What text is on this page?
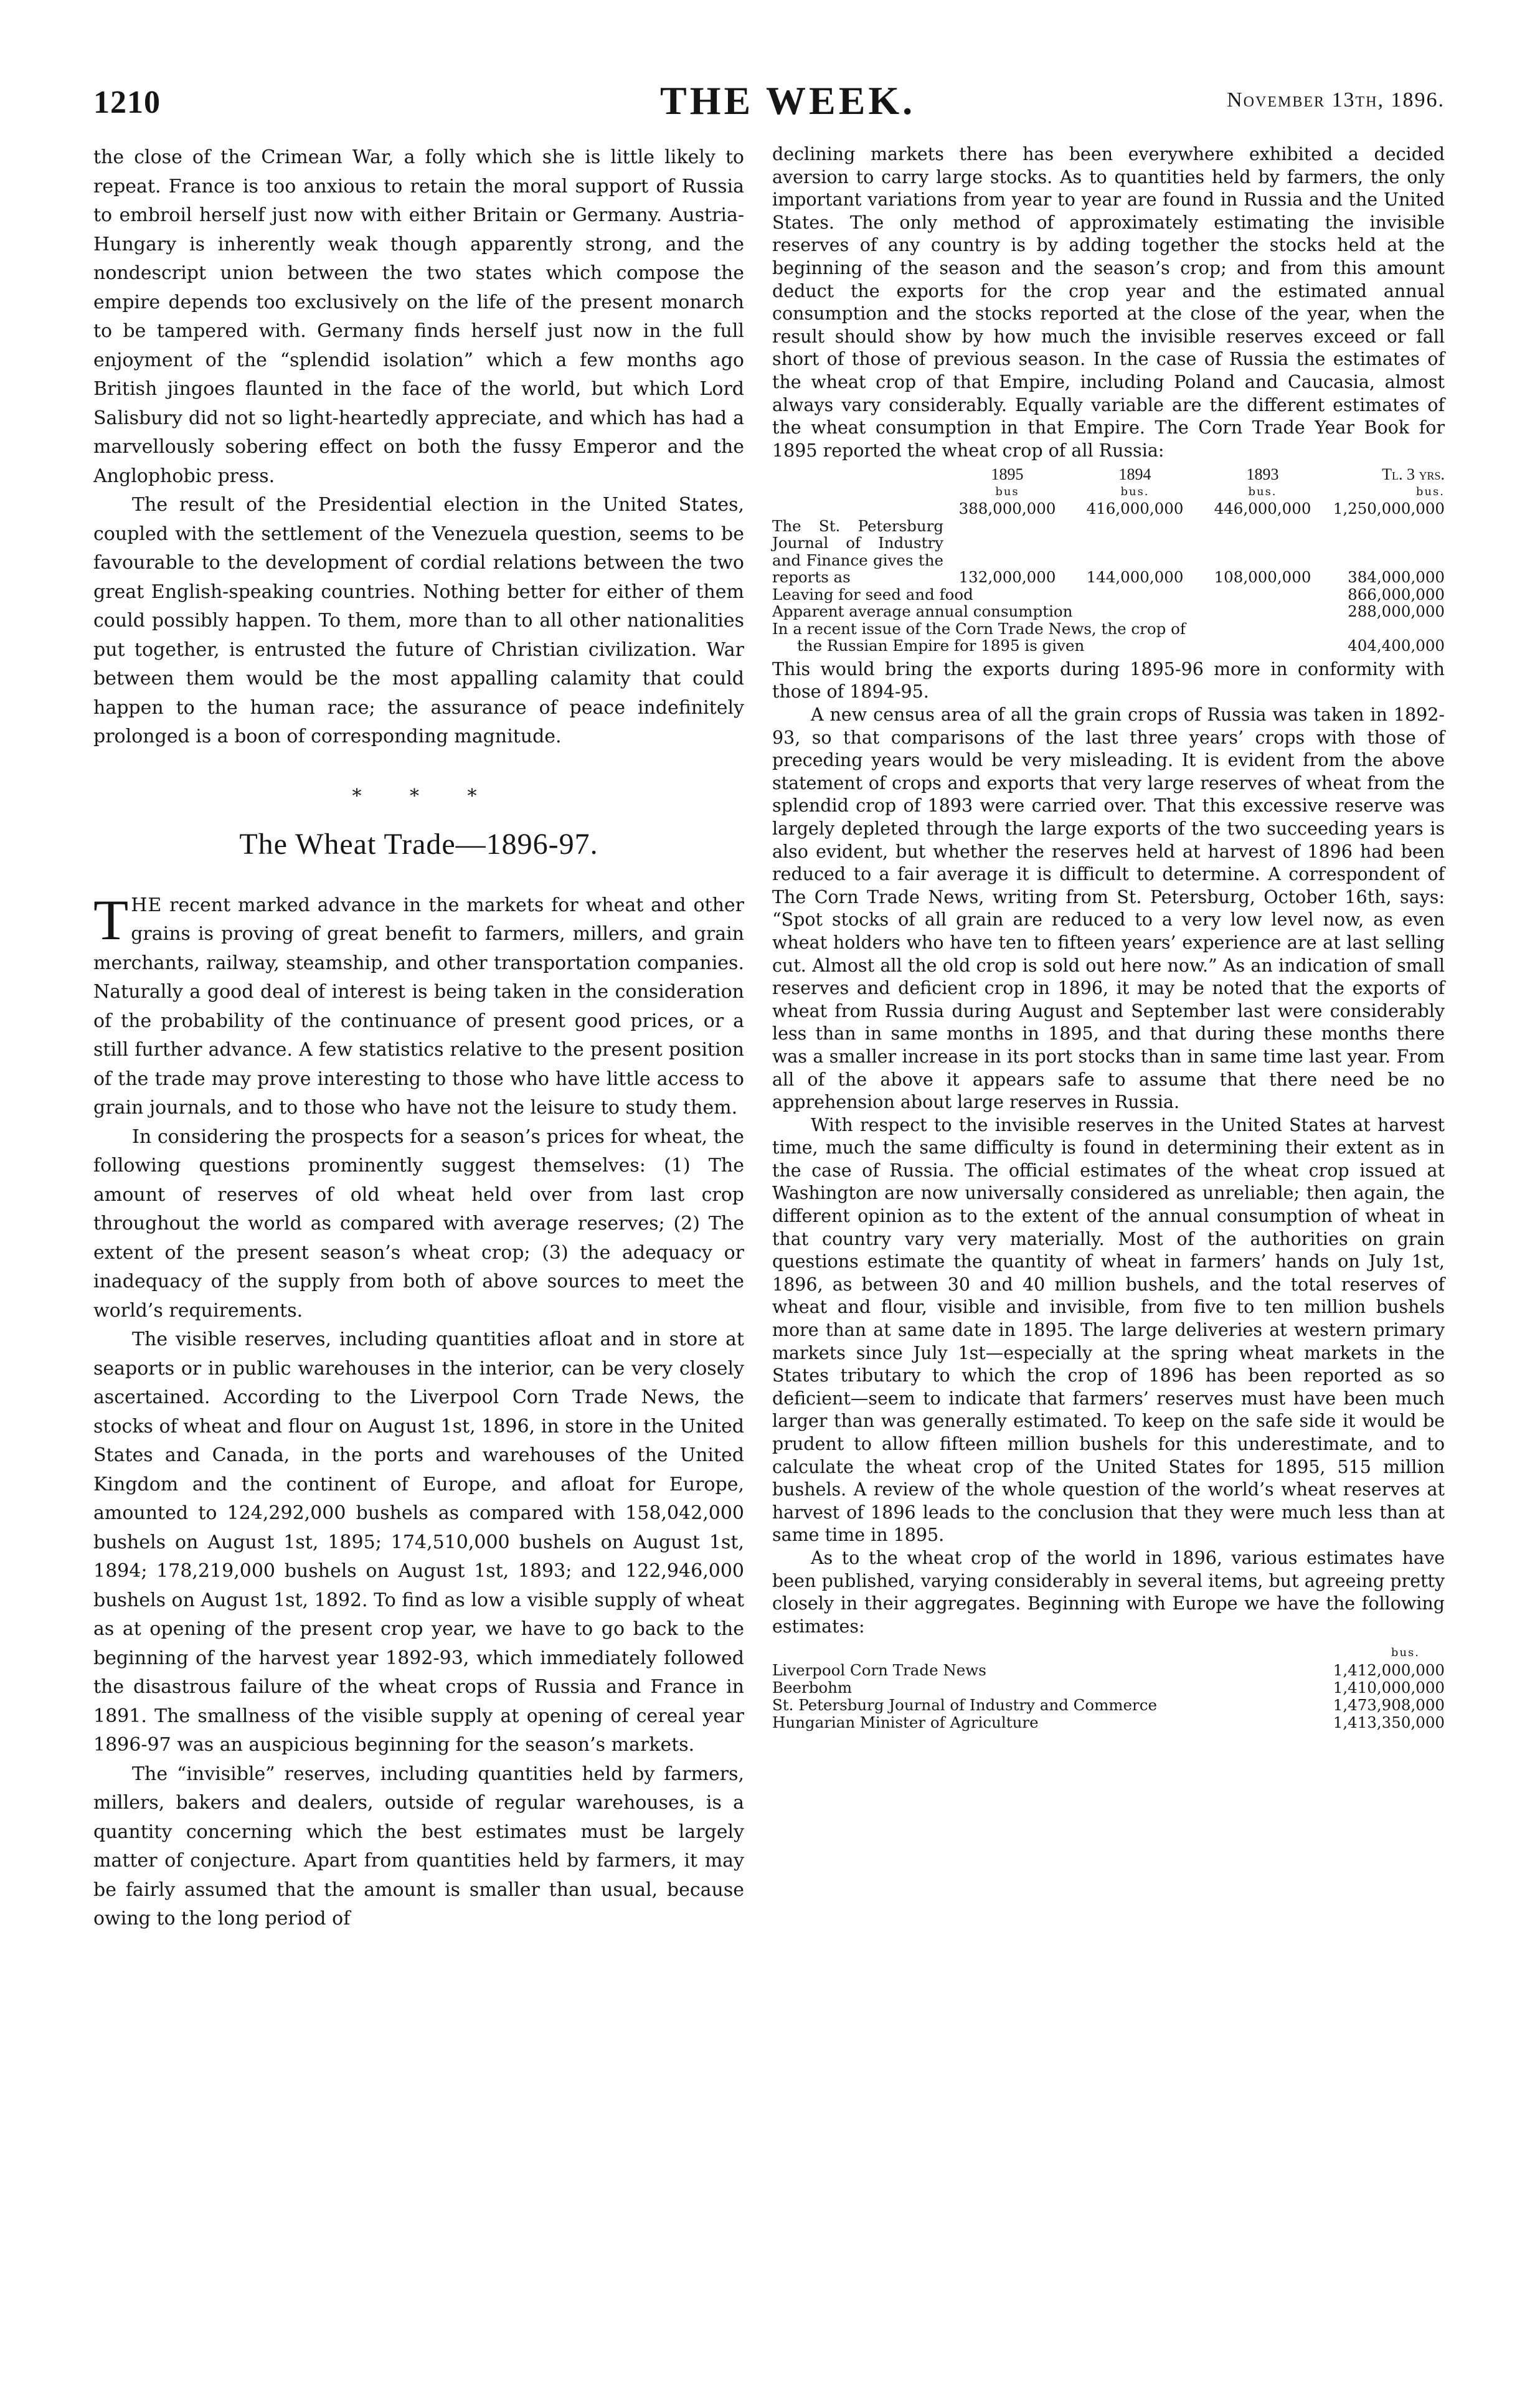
1210	THE WEEK.	November 13th, 1896.

the close of the Crimean War, a folly which she is little likely to repeat. France is too anxious to retain the moral support of Russia to embroil herself just now with either Britain or Germany. Austria-Hungary is inherently weak though apparently strong, and the nondescript union between the two states which compose the empire depends too exclusively on the life of the present monarch to be tampered with. Germany finds herself just now in the full enjoyment of the “splendid isolation” which a few months ago British jingoes flaunted in the face of the world, but which Lord Salisbury did not so light-heartedly appreciate, and which has had a marvellously sobering effect on both the fussy Emperor and the Anglophobic press.

The result of the Presidential election in the United States, coupled with the settlement of the Venezuela question, seems to be favourable to the development of cordial relations between the two great English-speaking countries. Nothing better for either of them could possibly happen. To them, more than to all other nationalities put together, is entrusted the future of Christian civilization. War between them would be the most appalling calamity that could happen to the human race; the assurance of peace indefinitely prolonged is a boon of corresponding magnitude.

* * *
The Wheat Trade—1896-97.

THE recent marked advance in the markets for wheat and other grains is proving of great benefit to farmers, millers, and grain merchants, railway, steamship, and other transportation companies. Naturally a good deal of interest is being taken in the consideration of the probability of the continuance of present good prices, or a still further advance. A few statistics relative to the present position of the trade may prove interesting to those who have little access to grain journals, and to those who have not the leisure to study them.

In considering the prospects for a season’s prices for wheat, the following questions prominently suggest themselves: (1) The amount of reserves of old wheat held over from last crop throughout the world as compared with average reserves; (2) The extent of the present season’s wheat crop; (3) the adequacy or inadequacy of the supply from both of above sources to meet the world’s requirements.

The visible reserves, including quantities afloat and in store at seaports or in public warehouses in the interior, can be very closely ascertained. According to the Liverpool Corn Trade News, the stocks of wheat and flour on August 1st, 1896, in store in the United States and Canada, in the ports and warehouses of the United Kingdom and the continent of Europe, and afloat for Europe, amounted to 124,292,000 bushels as compared with 158,042,000 bushels on August 1st, 1895; 174,510,000 bushels on August 1st, 1894; 178,219,000 bushels on August 1st, 1893; and 122,946,000 bushels on August 1st, 1892. To find as low a visible supply of wheat as at opening of the present crop year, we have to go back to the beginning of the harvest year 1892-93, which immediately followed the disastrous failure of the wheat crops of Russia and France in 1891. The smallness of the visible supply at opening of cereal year 1896-97 was an auspicious beginning for the season’s markets.

The “invisible” reserves, including quantities held by farmers, millers, bakers and dealers, outside of regular warehouses, is a quantity concerning which the best estimates must be largely matter of conjecture. Apart from quantities held by farmers, it may be fairly assumed that the amount is smaller than usual, because owing to the long period of

declining markets there has been everywhere exhibited a decided aversion to carry large stocks. As to quantities held by farmers, the only important variations from year to year are found in Russia and the United States. The only method of approximately estimating the invisible reserves of any country is by adding together the stocks held at the beginning of the season and the season’s crop; and from this amount deduct the exports for the crop year and the estimated annual consumption and the stocks reported at the close of the year, when the result should show by how much the invisible reserves exceed or fall short of those of previous season. In the case of Russia the estimates of the wheat crop of that Empire, including Poland and Caucasia, almost always vary considerably. Equally variable are the different estimates of the wheat consumption in that Empire. The Corn Trade Year Book for 1895 reported the wheat crop of all Russia:

1895	1894	1893	Tl. 3 yrs.
bus	bus.	bus.	bus.
388,000,000	416,000,000	446,000,000	1,250,000,000
The St. Petersburg Journal of Industry and Finance gives the reports as	132,000,000	144,000,000	108,000,000	384,000,000
Leaving for seed and food	866,000,000
Apparent average annual consumption	288,000,000
In a recent issue of the Corn Trade News, the crop of
the Russian Empire for 1895 is given	404,400,000

This would bring the exports during 1895-96 more in conformity with those of 1894-95.

A new census area of all the grain crops of Russia was taken in 1892-93, so that comparisons of the last three years’ crops with those of preceding years would be very misleading. It is evident from the above statement of crops and exports that very large reserves of wheat from the splendid crop of 1893 were carried over. That this excessive reserve was largely depleted through the large exports of the two succeeding years is also evident, but whether the reserves held at harvest of 1896 had been reduced to a fair average it is difficult to determine. A correspondent of The Corn Trade News, writing from St. Petersburg, October 16th, says: “Spot stocks of all grain are reduced to a very low level now, as even wheat holders who have ten to fifteen years’ experience are at last selling cut. Almost all the old crop is sold out here now.” As an indication of small reserves and deficient crop in 1896, it may be noted that the exports of wheat from Russia during August and September last were considerably less than in same months in 1895, and that during these months there was a smaller increase in its port stocks than in same time last year. From all of the above it appears safe to assume that there need be no apprehension about large reserves in Russia.

With respect to the invisible reserves in the United States at harvest time, much the same difficulty is found in determining their extent as in the case of Russia. The official estimates of the wheat crop issued at Washington are now universally considered as unreliable; then again, the different opinion as to the extent of the annual consumption of wheat in that country vary very materially. Most of the authorities on grain questions estimate the quantity of wheat in farmers’ hands on July 1st, 1896, as between 30 and 40 million bushels, and the total reserves of wheat and flour, visible and invisible, from five to ten million bushels more than at same date in 1895. The large deliveries at western primary markets since July 1st—especially at the spring wheat markets in the States tributary to which the crop of 1896 has been reported as so deficient—seem to indicate that farmers’ reserves must have been much larger than was generally estimated. To keep on the safe side it would be prudent to allow fifteen million bushels for this underestimate, and to calculate the wheat crop of the United States for 1895, 515 million bushels. A review of the whole question of the world’s wheat reserves at harvest of 1896 leads to the conclusion that they were much less than at same time in 1895.

As to the wheat crop of the world in 1896, various estimates have been published, varying considerably in several items, but agreeing pretty closely in their aggregates. Beginning with Europe we have the following estimates:

bus.
Liverpool Corn Trade News	1,412,000,000
Beerbohm	1,410,000,000
St. Petersburg Journal of Industry and Commerce	1,473,908,000
Hungarian Minister of Agriculture	1,413,350,000
